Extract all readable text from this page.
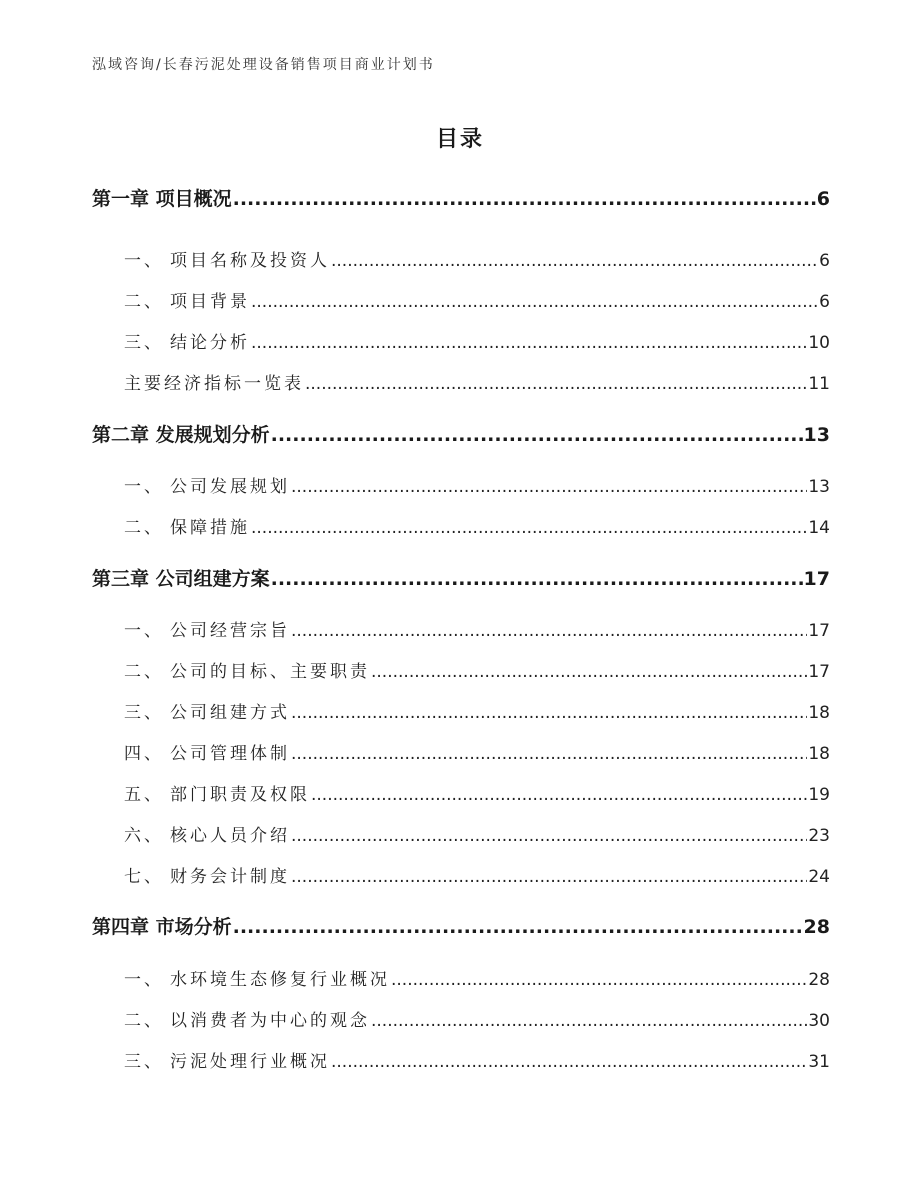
泓域咨询/长春污泥处理设备销售项目商业计划书
目录
第一章 项目概况 .....	6
一、 项目名称及投资人 .....	6
二、 项目背景 .....	6
三、 结论分析 .....	10
主要经济指标一览表 .....	11
第二章 发展规划分析 .....	13
一、 公司发展规划 .....	13
二、 保障措施 .....	14
第三章 公司组建方案 .....	17
一、 公司经营宗旨 .....	17
二、 公司的目标、主要职责 .....	17
三、 公司组建方式 .....	18
四、 公司管理体制 .....	18
五、 部门职责及权限 .....	19
六、 核心人员介绍 .....	23
七、 财务会计制度 .....	24
第四章 市场分析 .....	28
一、 水环境生态修复行业概况 .....	28
二、 以消费者为中心的观念 .....	30
三、 污泥处理行业概况 .....	31
